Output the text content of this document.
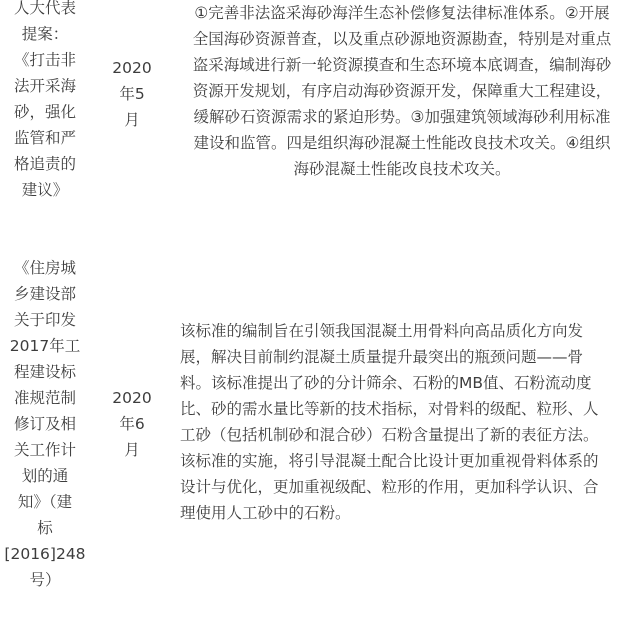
人大代表
提案：
《打击非
法开采海
砂，强化
监管和严
格追责的
建议》
2020
年5
月
①完善非法盗采海砂海洋生态补偿修复法律标准体系。②开展
全国海砂资源普查，以及重点砂源地资源勘查，特别是对重点
盗采海域进行新一轮资源摸查和生态环境本底调查，编制海砂
资源开发规划，有序启动海砂资源开发，保障重大工程建设，
缓解砂石资源需求的紧迫形势。③加强建筑领域海砂利用标准
建设和监管。四是组织海砂混凝土性能改良技术攻关。④组织
海砂混凝土性能改良技术攻关。
《住房城
乡建设部
关于印发
2017年工
程建设标
准规范制
修订及相
关工作计
划的通
知》（建
标
[2016]248
号）
2020
年6
月
该标准的编制旨在引领我国混凝土用骨料向高品质化方向发
展，解决目前制约混凝土质量提升最突出的瓶颈问题——骨
料。该标准提出了砂的分计筛余、石粉的MB值、石粉流动度
比、砂的需水量比等新的技术指标，对骨料的级配、粒形、人
工砂（包括机制砂和混合砂）石粉含量提出了新的表征方法。
该标准的实施，将引导混凝土配合比设计更加重视骨料体系的
设计与优化，更加重视级配、粒形的作用，更加科学认识、合
理使用人工砂中的石粉。
